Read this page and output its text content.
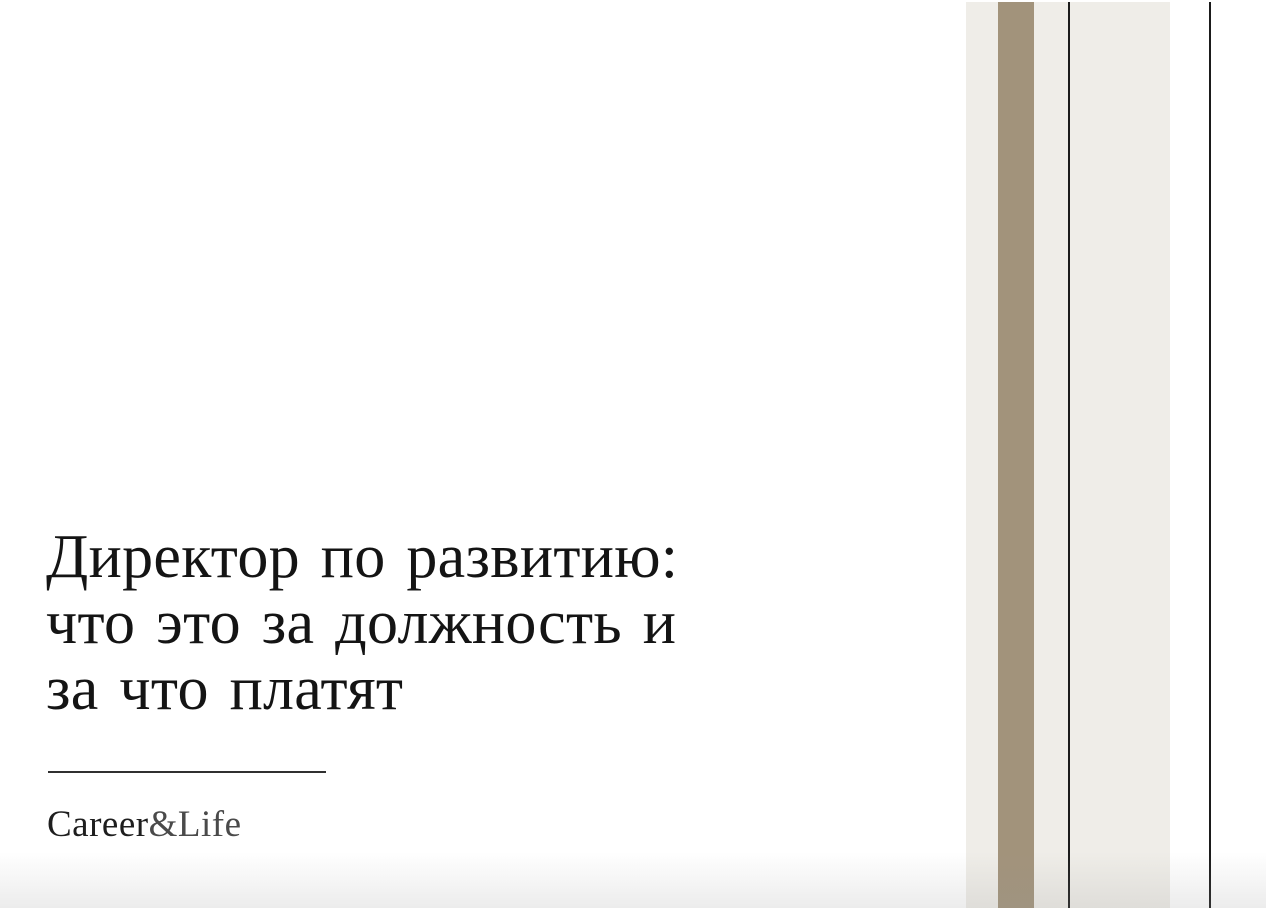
Директор по развитию:
что это за должность и
за что платят
Career&Life
